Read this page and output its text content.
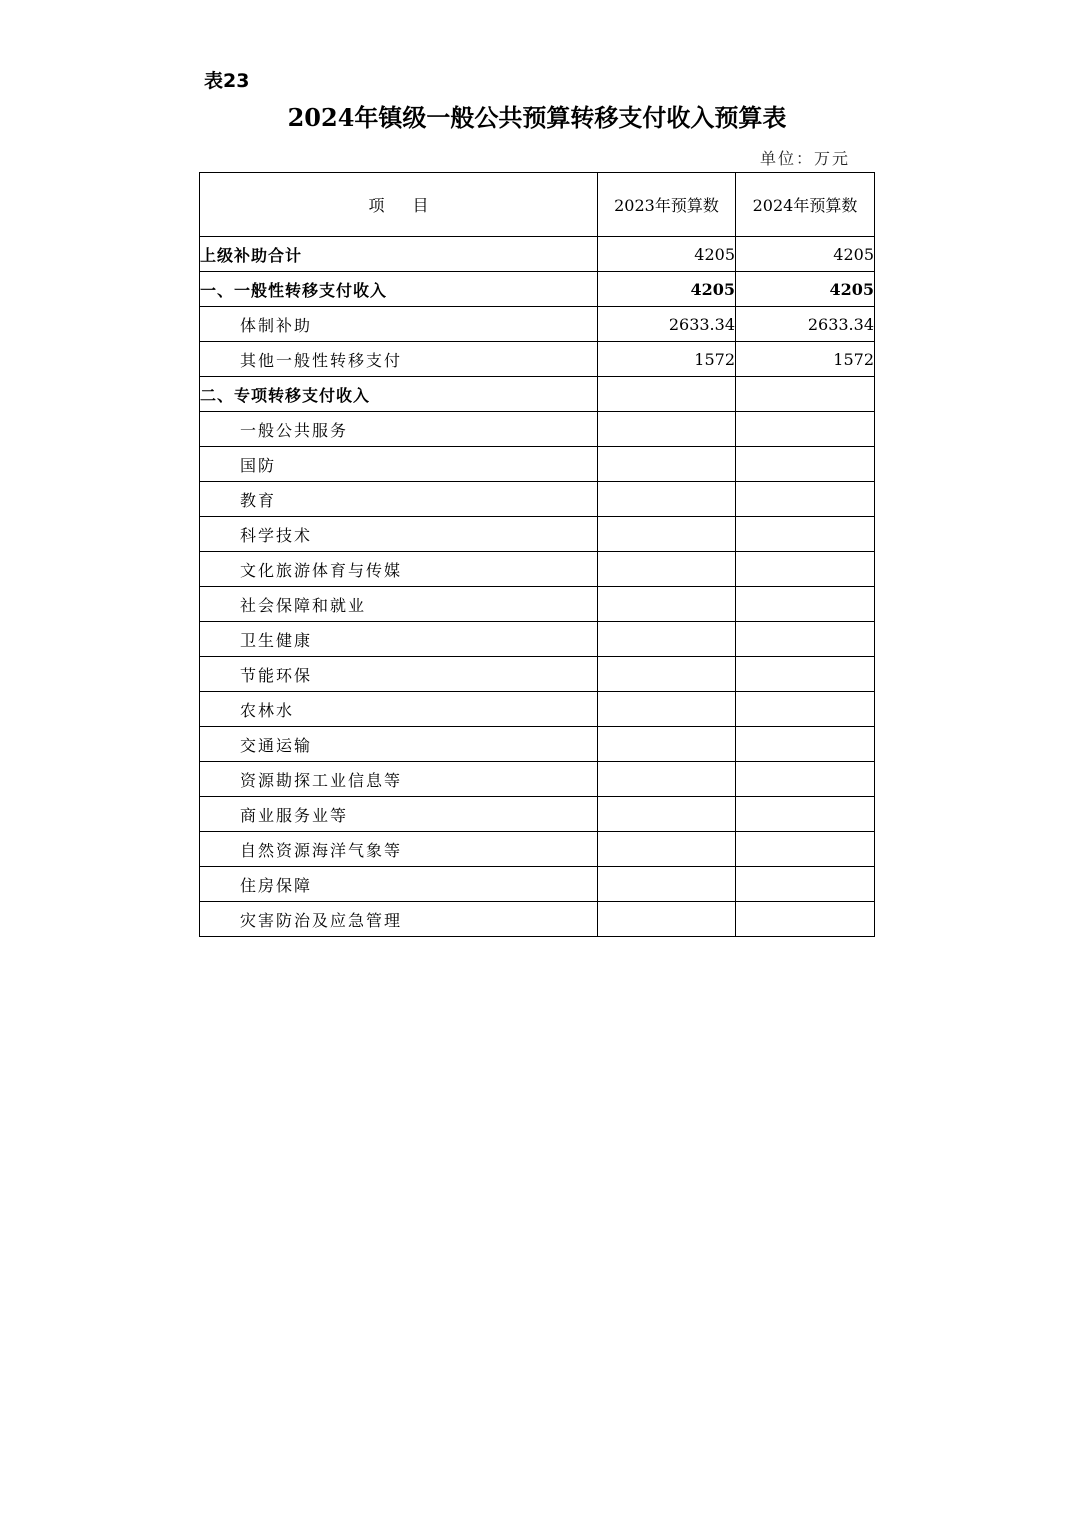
表23
2024年镇级一般公共预算转移支付收入预算表
单位：万元
项目	2023年预算数	2024年预算数
上级补助合计	4205	4205
一、一般性转移支付收入	4205	4205
体制补助	2633.34	2633.34
其他一般性转移支付	1572	1572
二、专项转移支付收入		
一般公共服务		
国防		
教育		
科学技术		
文化旅游体育与传媒		
社会保障和就业		
卫生健康		
节能环保		
农林水		
交通运输		
资源勘探工业信息等		
商业服务业等		
自然资源海洋气象等		
住房保障		
灾害防治及应急管理		
